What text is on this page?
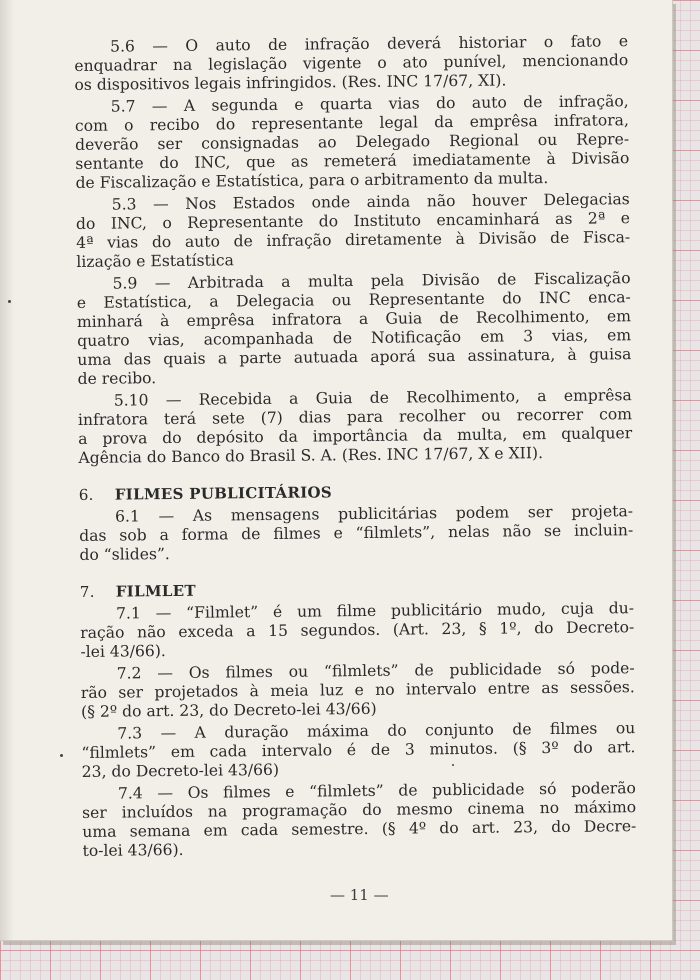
5.6 — O auto de infração deverá historiar o fato e
enquadrar na legislação vigente o ato punível, mencionando
os dispositivos legais infringidos. (Res. INC 17/67, XI).
5.7 — A segunda e quarta vias do auto de infração,
com o recibo do representante legal da emprêsa infratora,
deverão ser consignadas ao Delegado Regional ou Repre-
sentante do INC, que as remeterá imediatamente à Divisão
de Fiscalização e Estatística, para o arbitramento da multa.
5.3 — Nos Estados onde ainda não houver Delegacias
do INC, o Representante do Instituto encaminhará as 2ª e
4ª vias do auto de infração diretamente à Divisão de Fisca-
lização e Estatística
5.9 — Arbitrada a multa pela Divisão de Fiscalização
e Estatística, a Delegacia ou Representante do INC enca-
minhará à emprêsa infratora a Guia de Recolhimento, em
quatro vias, acompanhada de Notificação em 3 vias, em
uma das quais a parte autuada aporá sua assinatura, à guisa
de recibo.
5.10 — Recebida a Guia de Recolhimento, a emprêsa
infratora terá sete (7) dias para recolher ou recorrer com
a prova do depósito da importância da multa, em qualquer
Agência do Banco do Brasil S. A. (Res. INC 17/67, X e XII).
6. FILMES PUBLICITÁRIOS
6.1 — As mensagens publicitárias podem ser projeta-
das sob a forma de filmes e “filmlets”, nelas não se incluin-
do “slides”.
7. FILMLET
7.1 — “Filmlet” é um filme publicitário mudo, cuja du-
ração não exceda a 15 segundos. (Art. 23, § 1º, do Decreto-
-lei 43/66).
7.2 — Os filmes ou “filmlets” de publicidade só pode-
rão ser projetados à meia luz e no intervalo entre as sessões.
(§ 2º do art. 23, do Decreto-lei 43/66)
7.3 — A duração máxima do conjunto de filmes ou
“filmlets” em cada intervalo é de 3 minutos. (§ 3º do art.
23, do Decreto-lei 43/66)
7.4 — Os filmes e “filmlets” de publicidade só poderão
ser incluídos na programação do mesmo cinema no máximo
uma semana em cada semestre. (§ 4º do art. 23, do Decre-
to-lei 43/66).
— 11 —
